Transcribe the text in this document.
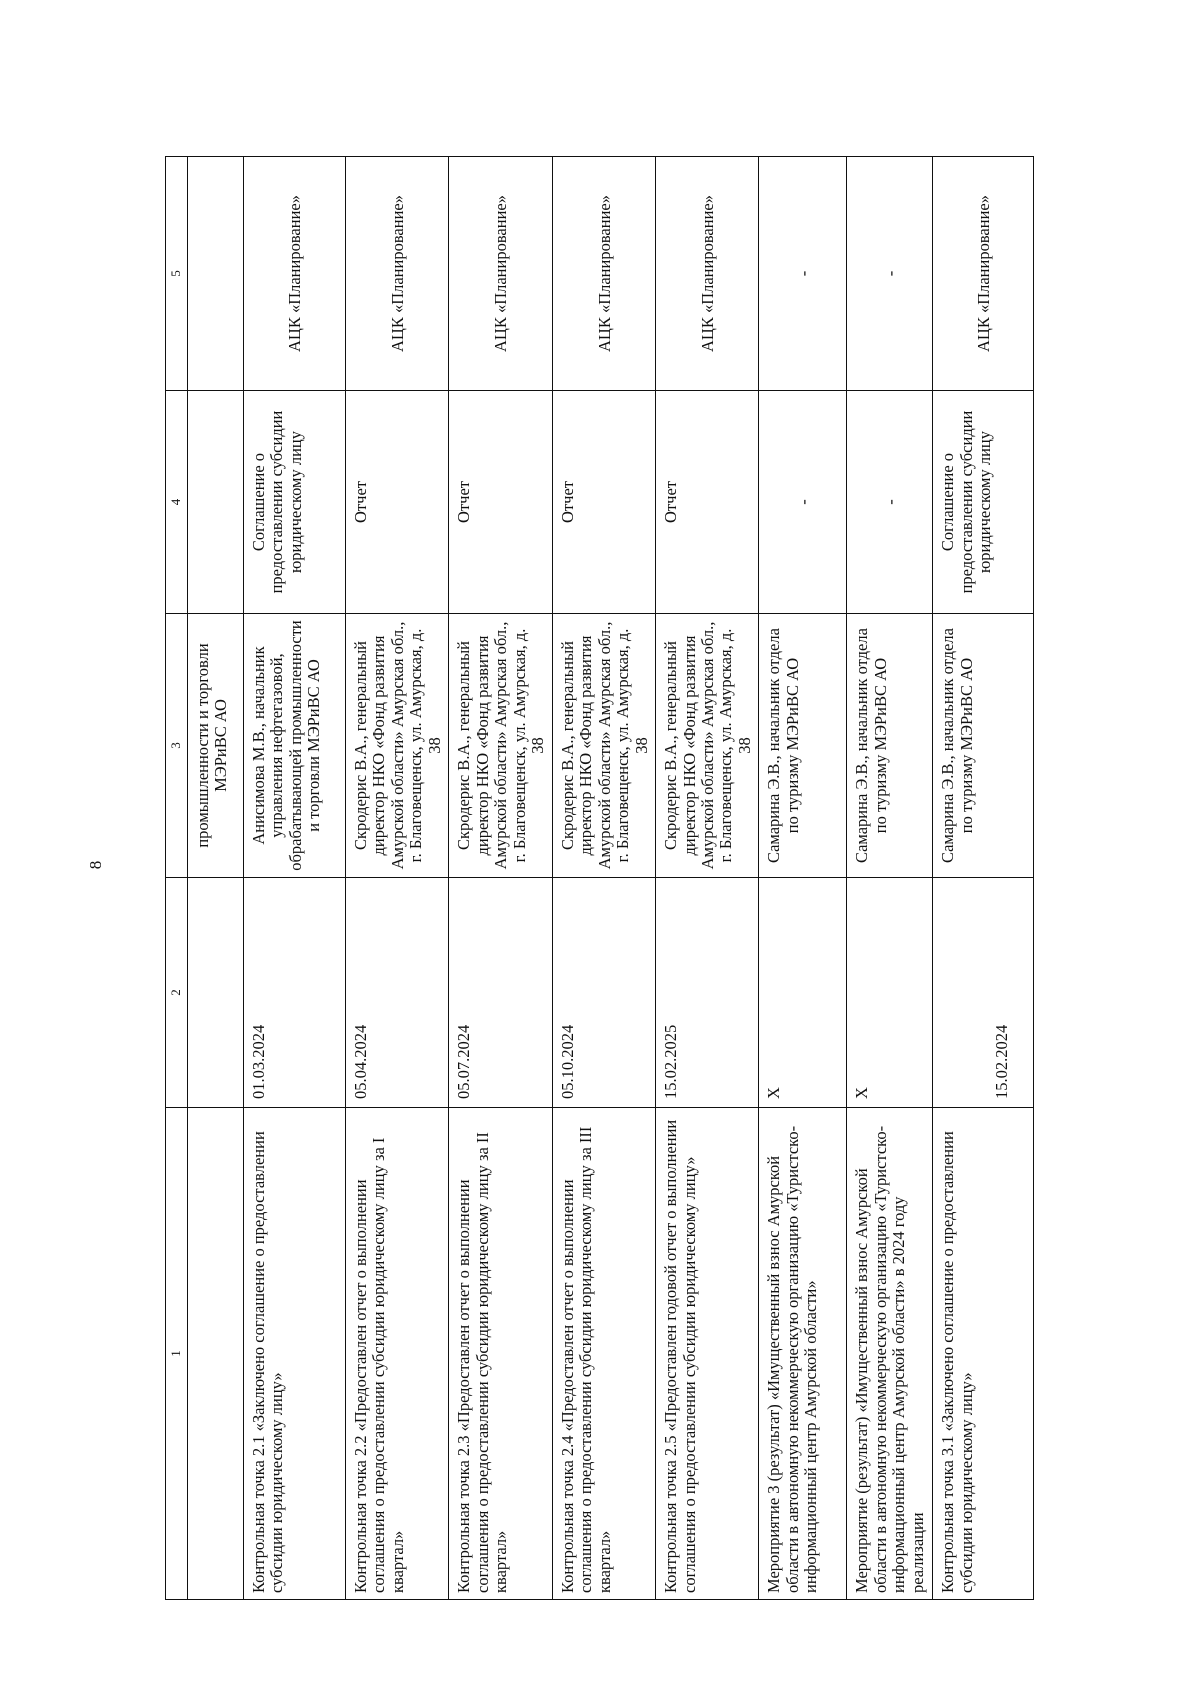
8
1	2	3	4	5
		промышленности и торговли МЭРиВС АО		
Контрольная точка 2.1 «Заключено соглашение о предоставлении субсидии юридическому лицу»	01.03.2024	Анисимова М.В., начальник управления нефтегазовой, обрабатывающей промышленности и торговли МЭРиВС АО	Соглашение о предоставлении субсидии юридическому лицу	АЦК «Планирование»
Контрольная точка 2.2 «Предоставлен отчет о выполнении соглашения о предоставлении субсидии юридическому лицу за I квартал»	05.04.2024	Скродерис В.А., генеральный директор НКО «Фонд развития Амурской области» Амурская обл., г. Благовещенск, ул. Амурская, д. 38	Отчет	АЦК «Планирование»
Контрольная точка 2.3 «Предоставлен отчет о выполнении соглашения о предоставлении субсидии юридическому лицу за II квартал»	05.07.2024	Скродерис В.А., генеральный директор НКО «Фонд развития Амурской области» Амурская обл., г. Благовещенск, ул. Амурская, д. 38	Отчет	АЦК «Планирование»
Контрольная точка 2.4 «Предоставлен отчет о выполнении соглашения о предоставлении субсидии юридическому лицу за III квартал»	05.10.2024	Скродерис В.А., генеральный директор НКО «Фонд развития Амурской области» Амурская обл., г. Благовещенск, ул. Амурская, д. 38	Отчет	АЦК «Планирование»
Контрольная точка 2.5 «Предоставлен годовой отчет о выполнении соглашения о предоставлении субсидии юридическому лицу»	15.02.2025	Скродерис В.А., генеральный директор НКО «Фонд развития Амурской области» Амурская обл., г. Благовещенск, ул. Амурская, д. 38	Отчет	АЦК «Планирование»
Мероприятие 3 (результат) «Имущественный взнос Амурской области в автономную некоммерческую организацию «Туристско-информационный центр Амурской области»	Х	Самарина Э.В., начальник отдела по туризму МЭРиВС АО	-	-
Мероприятие (результат) «Имущественный взнос Амурской области в автономную некоммерческую организацию «Туристско-информационный центр Амурской области» в 2024 году реализации	Х	Самарина Э.В., начальник отдела по туризму МЭРиВС АО	-	-
Контрольная точка 3.1 «Заключено соглашение о предоставлении субсидии юридическому лицу»	15.02.2024	Самарина Э.В., начальник отдела по туризму МЭРиВС АО	Соглашение о предоставлении субсидии юридическому лицу	АЦК «Планирование»
